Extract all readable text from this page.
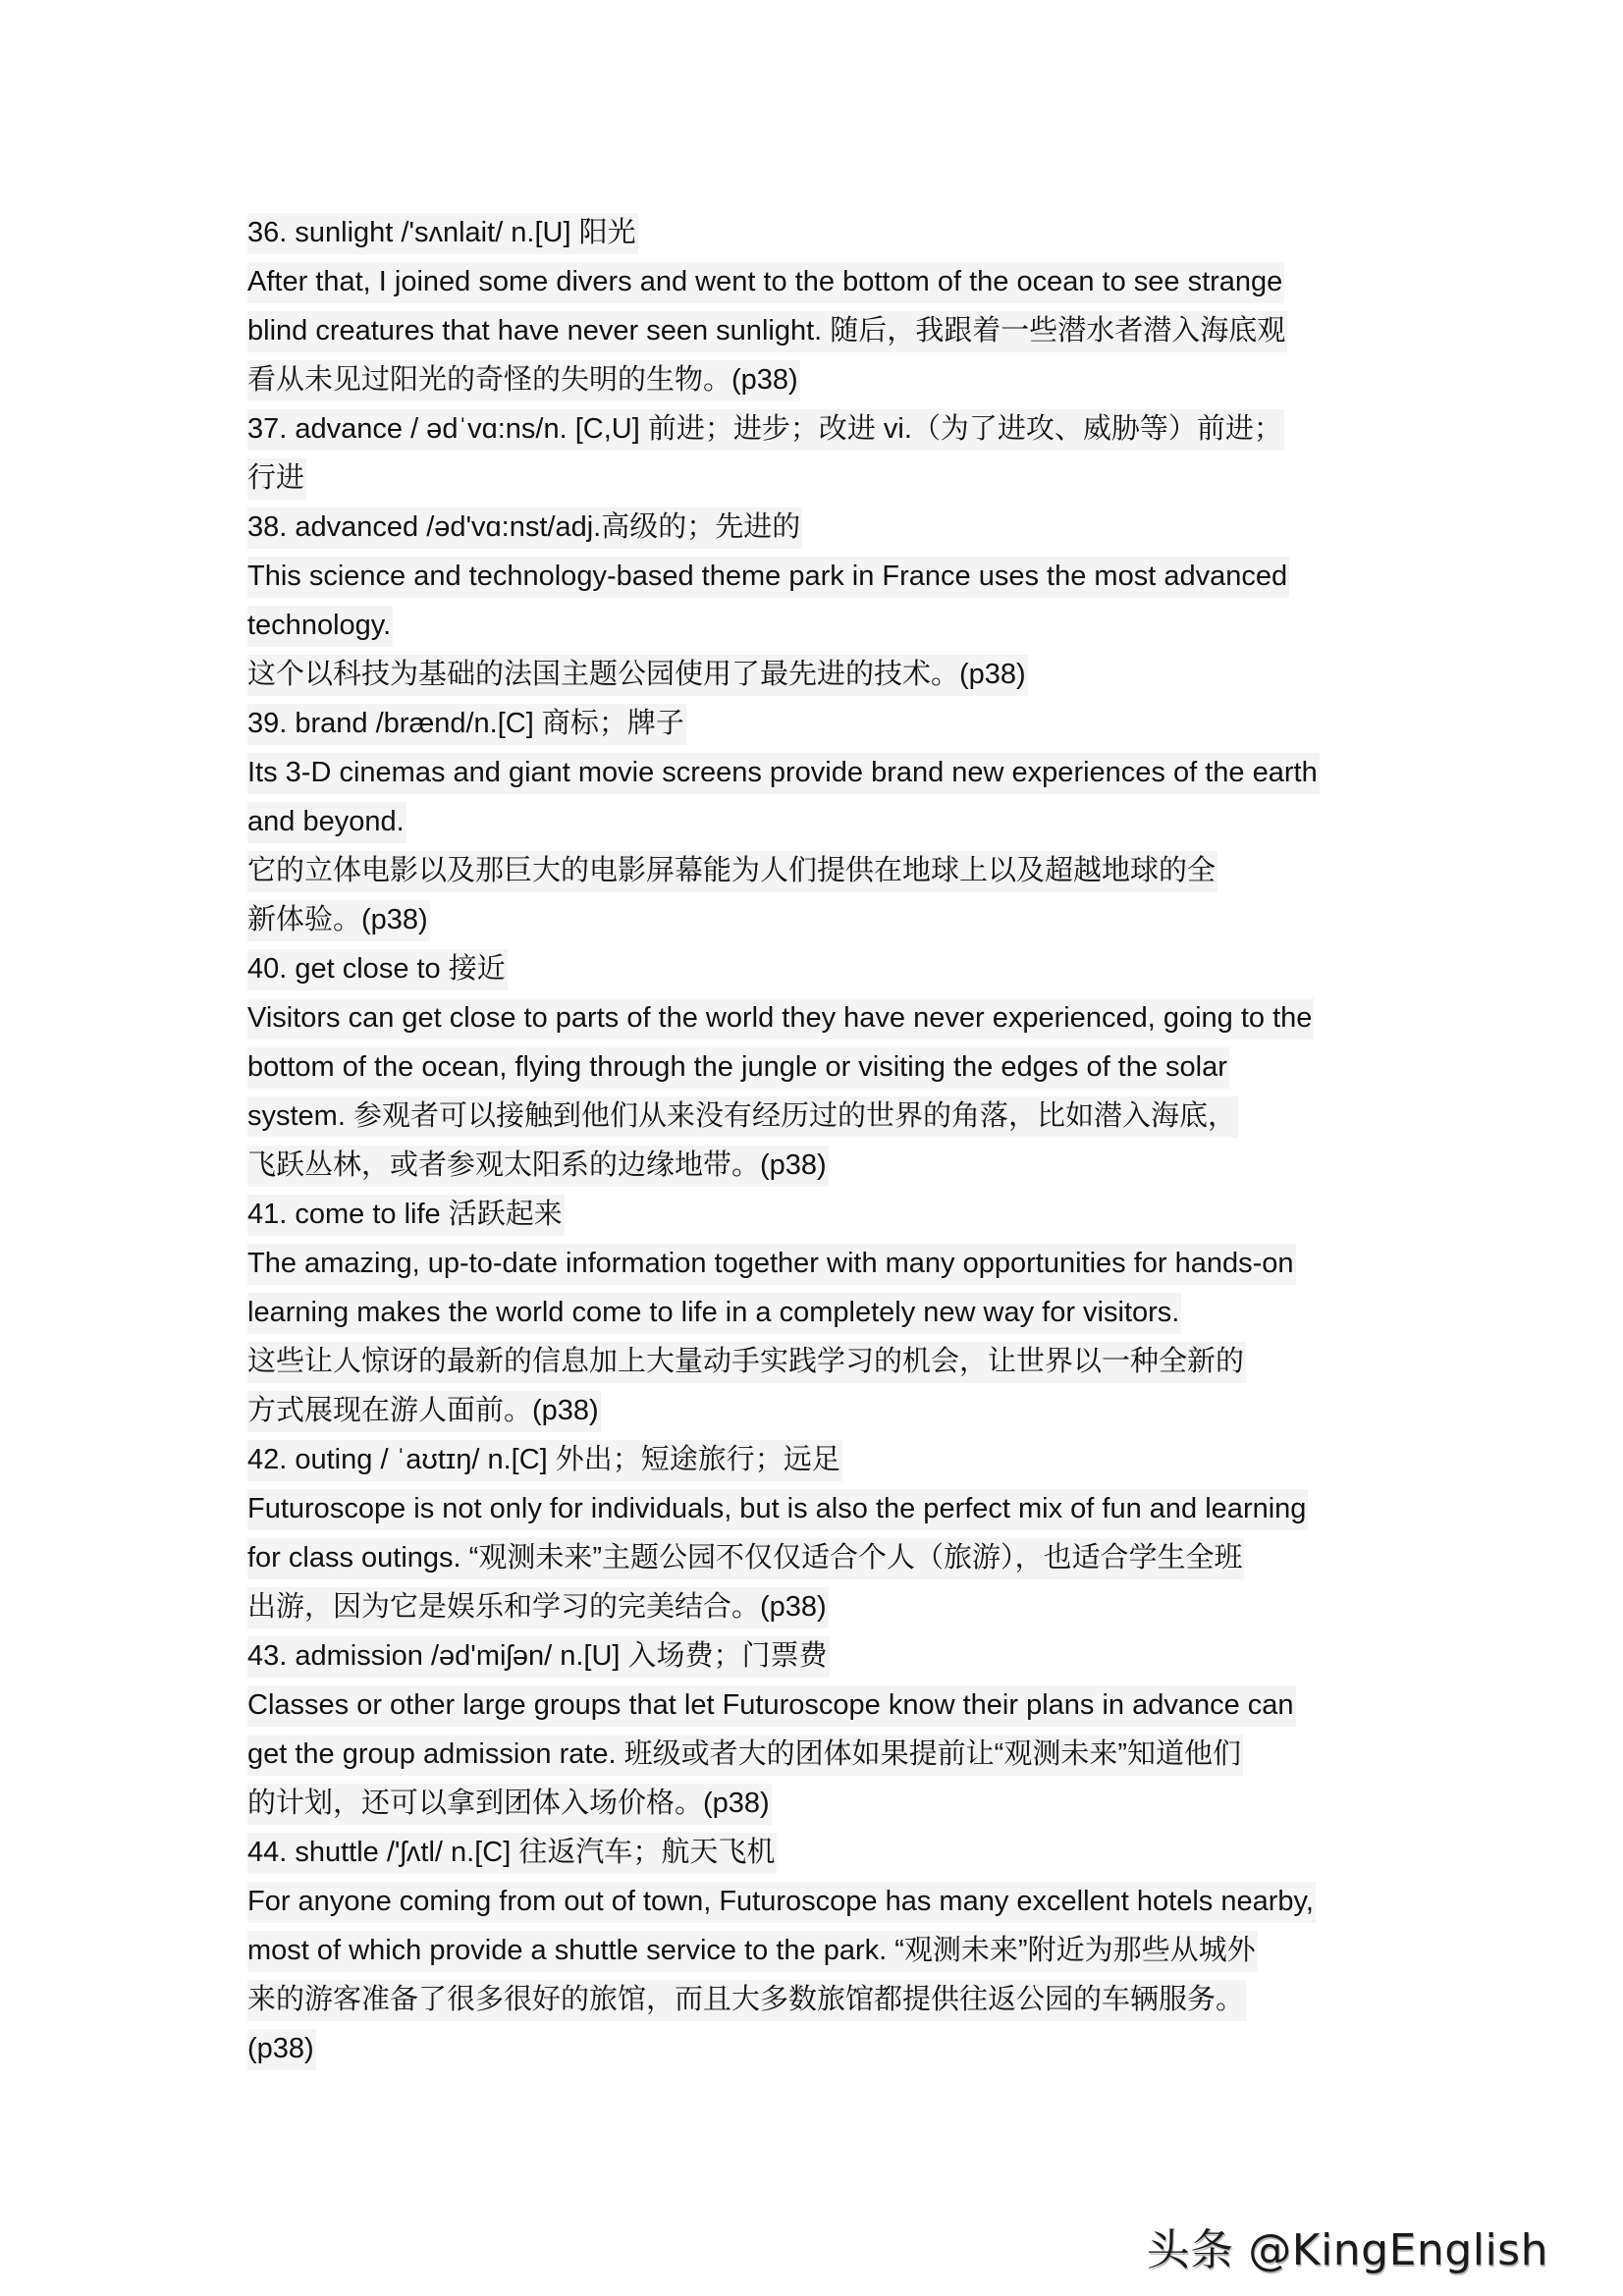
36. sunlight /'sʌnlait/ n.[U] 阳光
After that, I joined some divers and went to the bottom of the ocean to see strange
blind creatures that have never seen sunlight. 随后，我跟着一些潜水者潜入海底观
看从未见过阳光的奇怪的失明的生物。(p38)
37. advance / ədˈvɑ:ns/n. [C,U] 前进；进步；改进 vi.（为了进攻、威胁等）前进；
行进
38. advanced /əd'vɑ:nst/adj.高级的；先进的
This science and technology-based theme park in France uses the most advanced
technology.
这个以科技为基础的法国主题公园使用了最先进的技术。(p38)
39. brand /brænd/n.[C] 商标；牌子
Its 3-D cinemas and giant movie screens provide brand new experiences of the earth
and beyond.
它的立体电影以及那巨大的电影屏幕能为人们提供在地球上以及超越地球的全
新体验。(p38)
40. get close to 接近
Visitors can get close to parts of the world they have never experienced, going to the
bottom of the ocean, flying through the jungle or visiting the edges of the solar
system. 参观者可以接触到他们从来没有经历过的世界的角落，比如潜入海底，
飞跃丛林，或者参观太阳系的边缘地带。(p38)
41. come to life 活跃起来
The amazing, up-to-date information together with many opportunities for hands-on
learning makes the world come to life in a completely new way for visitors.
这些让人惊讶的最新的信息加上大量动手实践学习的机会，让世界以一种全新的
方式展现在游人面前。(p38)
42. outing / ˈaʊtɪŋ/ n.[C] 外出；短途旅行；远足
Futuroscope is not only for individuals, but is also the perfect mix of fun and learning
for class outings. “观测未来”主题公园不仅仅适合个人（旅游），也适合学生全班
出游，因为它是娱乐和学习的完美结合。(p38)
43. admission /əd'miʃən/ n.[U] 入场费；门票费
Classes or other large groups that let Futuroscope know their plans in advance can
get the group admission rate. 班级或者大的团体如果提前让“观测未来”知道他们
的计划，还可以拿到团体入场价格。(p38)
44. shuttle /'ʃʌtl/ n.[C] 往返汽车；航天飞机
For anyone coming from out of town, Futuroscope has many excellent hotels nearby,
most of which provide a shuttle service to the park. “观测未来”附近为那些从城外
来的游客准备了很多很好的旅馆，而且大多数旅馆都提供往返公园的车辆服务。
(p38)
头条 @KingEnglish
